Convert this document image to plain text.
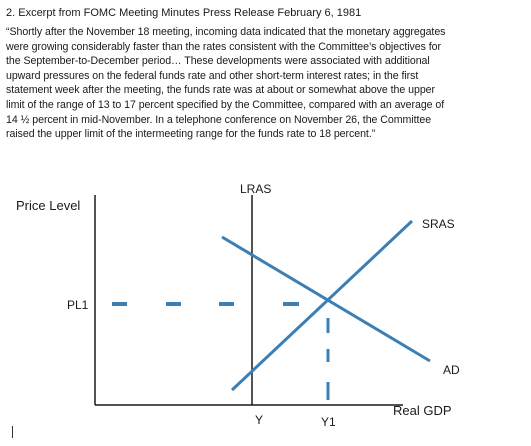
2. Excerpt from FOMC Meeting Minutes Press Release February 6, 1981

“Shortly after the November 18 meeting, incoming data indicated that the monetary aggregates
were growing considerably faster than the rates consistent with the Committee’s objectives for
the September-to-December period… These developments were associated with additional
upward pressures on the federal funds rate and other short-term interest rates; in the first
statement week after the meeting, the funds rate was at about or somewhat above the upper
limit of the range of 13 to 17 percent specified by the Committee, compared with an average of
14 ½ percent in mid-November. In a telephone conference on November 26, the Committee
raised the upper limit of the intermeeting range for the funds rate to 18 percent.”

Price Level
LRAS
SRAS
AD
PL1
Y	Y1
Real GDP
